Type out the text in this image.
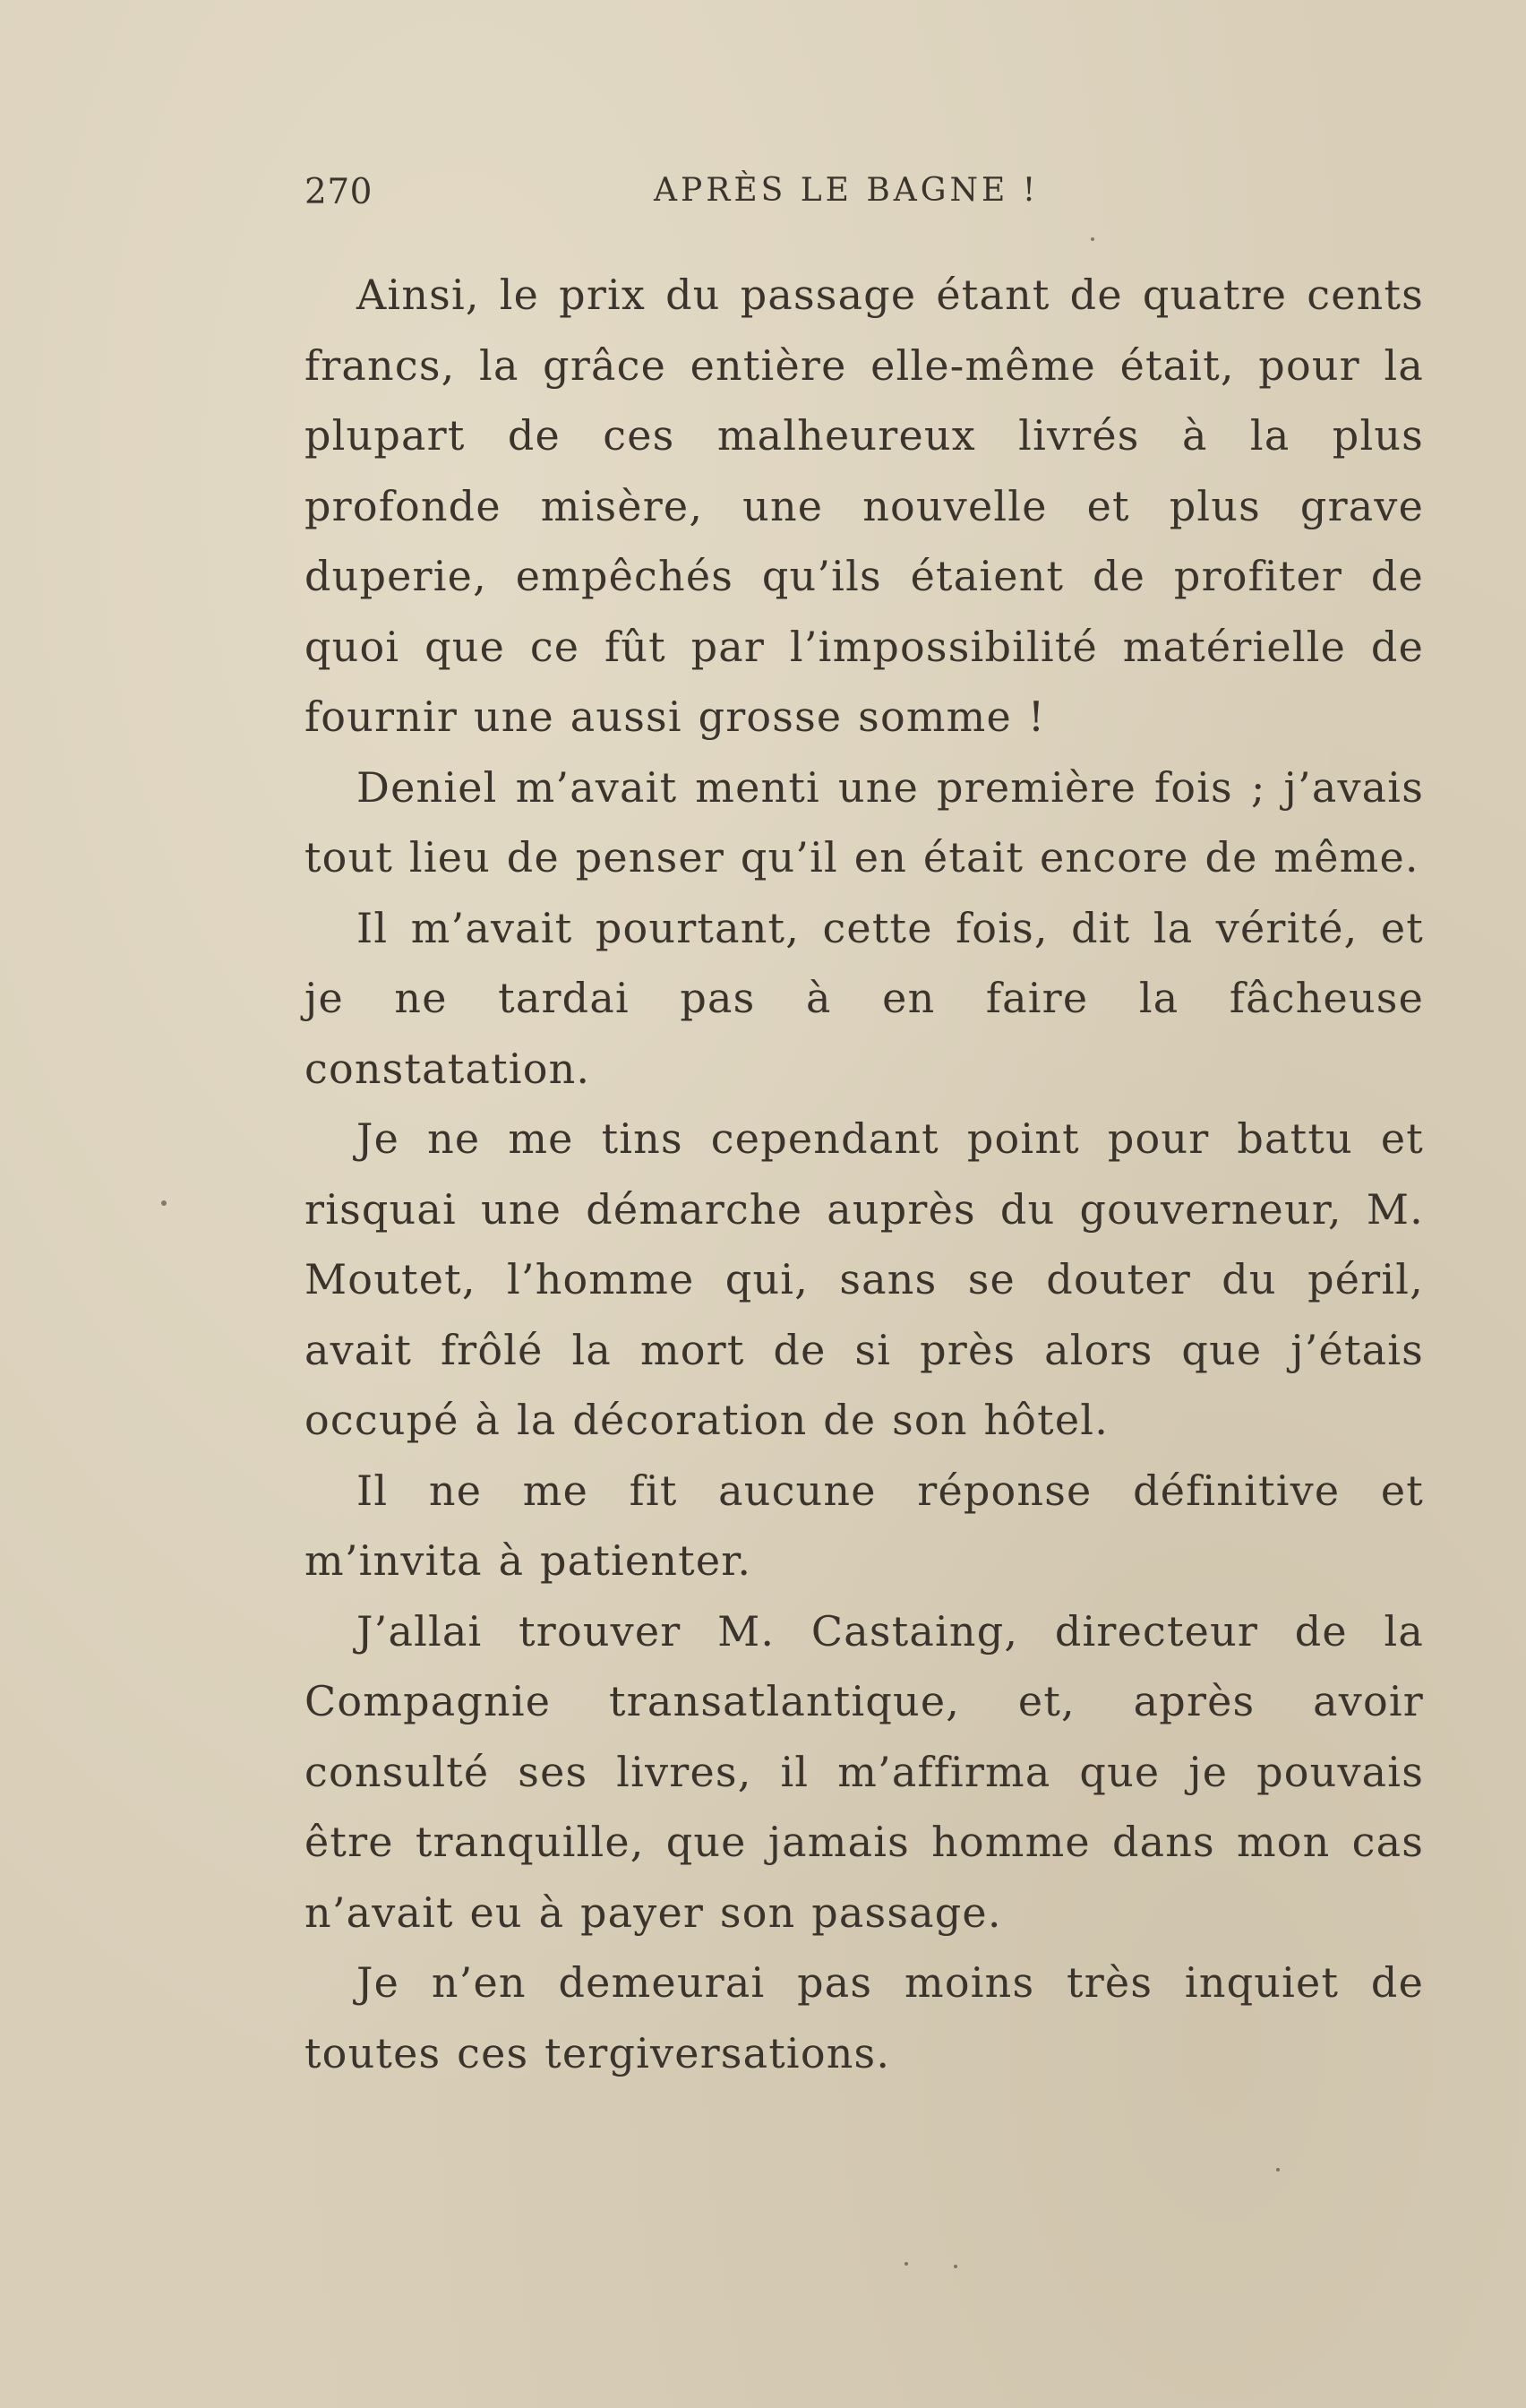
270	APRÈS LE BAGNE !

Ainsi, le prix du passage étant de quatre cents francs, la grâce entière elle-même était, pour la plupart de ces malheureux livrés à la plus profonde misère, une nouvelle et plus grave duperie, empêchés qu’ils étaient de profiter de quoi que ce fût par l’impossibilité matérielle de fournir une aussi grosse somme !

Deniel m’avait menti une première fois ; j’avais tout lieu de penser qu’il en était encore de même.

Il m’avait pourtant, cette fois, dit la vérité, et je ne tardai pas à en faire la fâcheuse constatation.

Je ne me tins cependant point pour battu et risquai une démarche auprès du gouverneur, M. Moutet, l’homme qui, sans se douter du péril, avait frôlé la mort de si près alors que j’étais occupé à la décoration de son hôtel.

Il ne me fit aucune réponse définitive et m’invita à patienter.

J’allai trouver M. Castaing, directeur de la Compagnie transatlantique, et, après avoir consulté ses livres, il m’affirma que je pouvais être tranquille, que jamais homme dans mon cas n’avait eu à payer son passage.

Je n’en demeurai pas moins très inquiet de toutes ces tergiversations.
